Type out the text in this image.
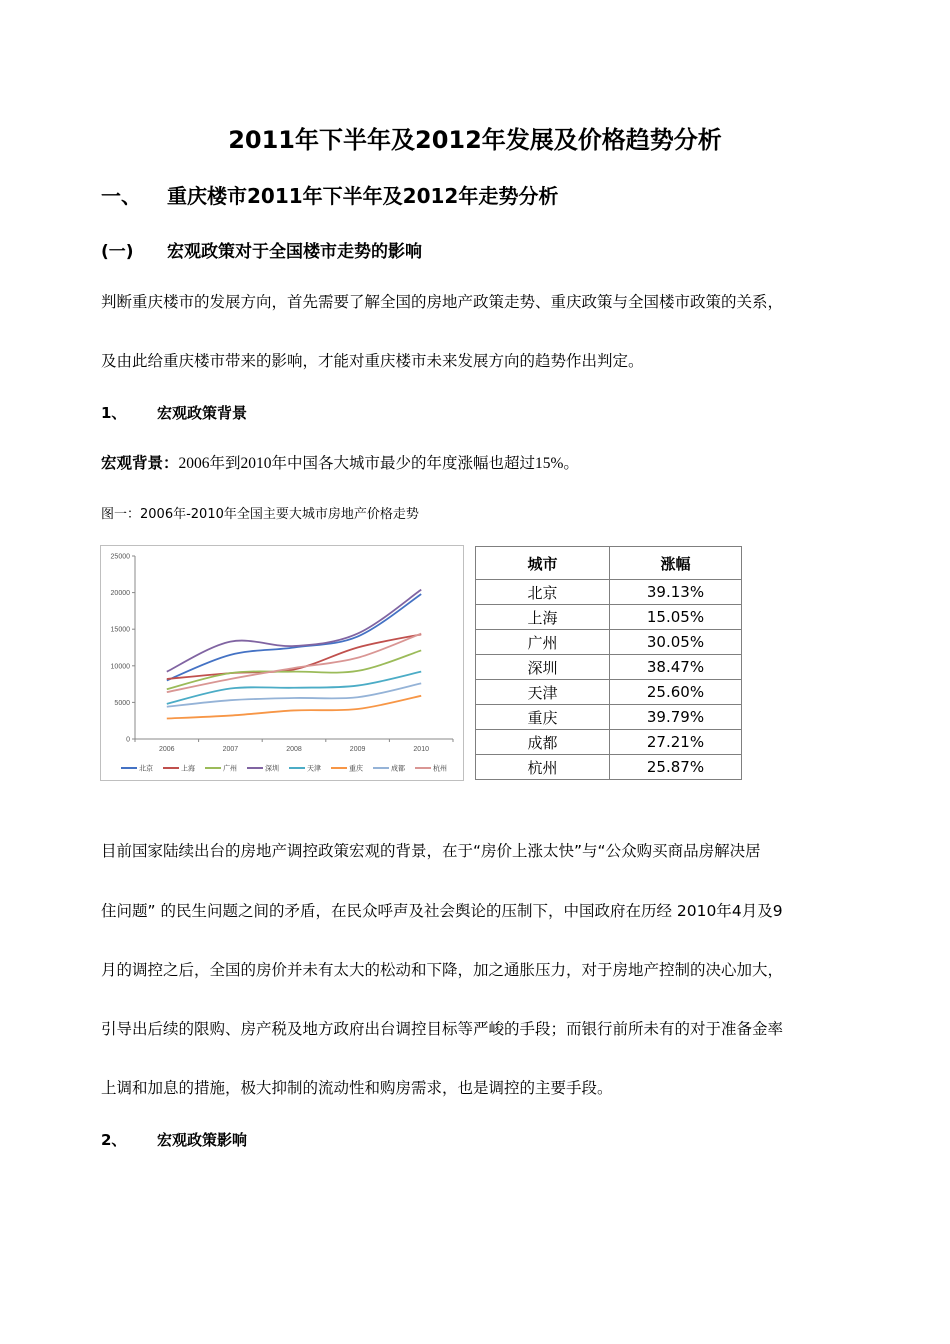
2011年下半年及2012年发展及价格趋势分析
一、 重庆楼市2011年下半年及2012年走势分析
(一) 宏观政策对于全国楼市走势的影响
判断重庆楼市的发展方向，首先需要了解全国的房地产政策走势、重庆政策与全国楼市政策的关系，
及由此给重庆楼市带来的影响，才能对重庆楼市未来发展方向的趋势作出判定。
1、 宏观政策背景
宏观背景：2006年到2010年中国各大城市最少的年度涨幅也超过15%。
图一：2006年-2010年全国主要大城市房地产价格走势
0
5000
10000
15000
20000
25000
2006	2007	2008	2009	2010
北京	上海	广州	深圳	天津	重庆	成都	杭州
城市	涨幅
北京	39.13%
上海	15.05%
广州	30.05%
深圳	38.47%
天津	25.60%
重庆	39.79%
成都	27.21%
杭州	25.87%
目前国家陆续出台的房地产调控政策宏观的背景，在于“房价上涨太快”与“公众购买商品房解决居
住问题” 的民生问题之间的矛盾，在民众呼声及社会舆论的压制下，中国政府在历经 2010年4月及9
月的调控之后，全国的房价并未有太大的松动和下降，加之通胀压力，对于房地产控制的决心加大，
引导出后续的限购、房产税及地方政府出台调控目标等严峻的手段；而银行前所未有的对于准备金率
上调和加息的措施，极大抑制的流动性和购房需求，也是调控的主要手段。
2、 宏观政策影响
